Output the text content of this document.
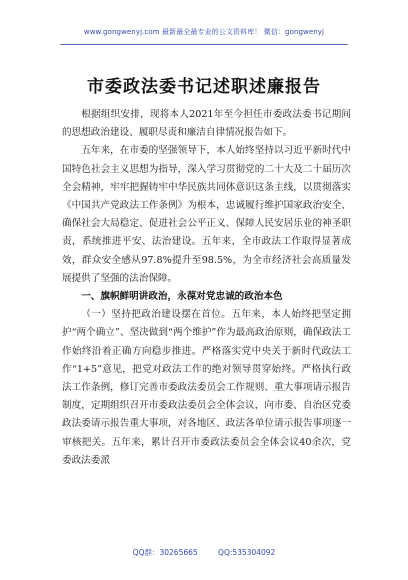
www.gongwenyj.com 最新最全最专业的公文资料库！ 微信：gongwenyj
市委政法委书记述职述廉报告

根据组织安排，现将本人2021年至今担任市委政法委书记期间的思想政治建设、履职尽责和廉洁自律情况报告如下。

五年来，在市委的坚强领导下，本人始终坚持以习近平新时代中国特色社会主义思想为指导，深入学习贯彻党的二十大及二十届历次全会精神，牢牢把握铸牢中华民族共同体意识这条主线，以贯彻落实《中国共产党政法工作条例》为根本，忠诚履行维护国家政治安全、确保社会大局稳定、促进社会公平正义、保障人民安居乐业的神圣职责，系统推进平安、法治建设。五年来，全市政法工作取得显著成效，群众安全感从97.8%提升至98.5%，为全市经济社会高质量发展提供了坚强的法治保障。

一、旗帜鲜明讲政治，永葆对党忠诚的政治本色

（一）坚持把政治建设摆在首位。五年来，本人始终把坚定拥护“两个确立”、坚决做到“两个维护”作为最高政治原则，确保政法工作始终沿着正确方向稳步推进。严格落实党中央关于新时代政法工作“1+5”意见，把党对政法工作的绝对领导贯穿始终。严格执行政法工作条例，修订完善市委政法委员会工作规则、重大事项请示报告制度，定期组织召开市委政法委员会全体会议，向市委、自治区党委政法委请示报告重大事项，对各地区、政法各单位请示报告事项逐一审核把关。五年来，累计召开市委政法委员会全体会议40余次，党委政法委派

QQ群：30265665	QQ:535304092
